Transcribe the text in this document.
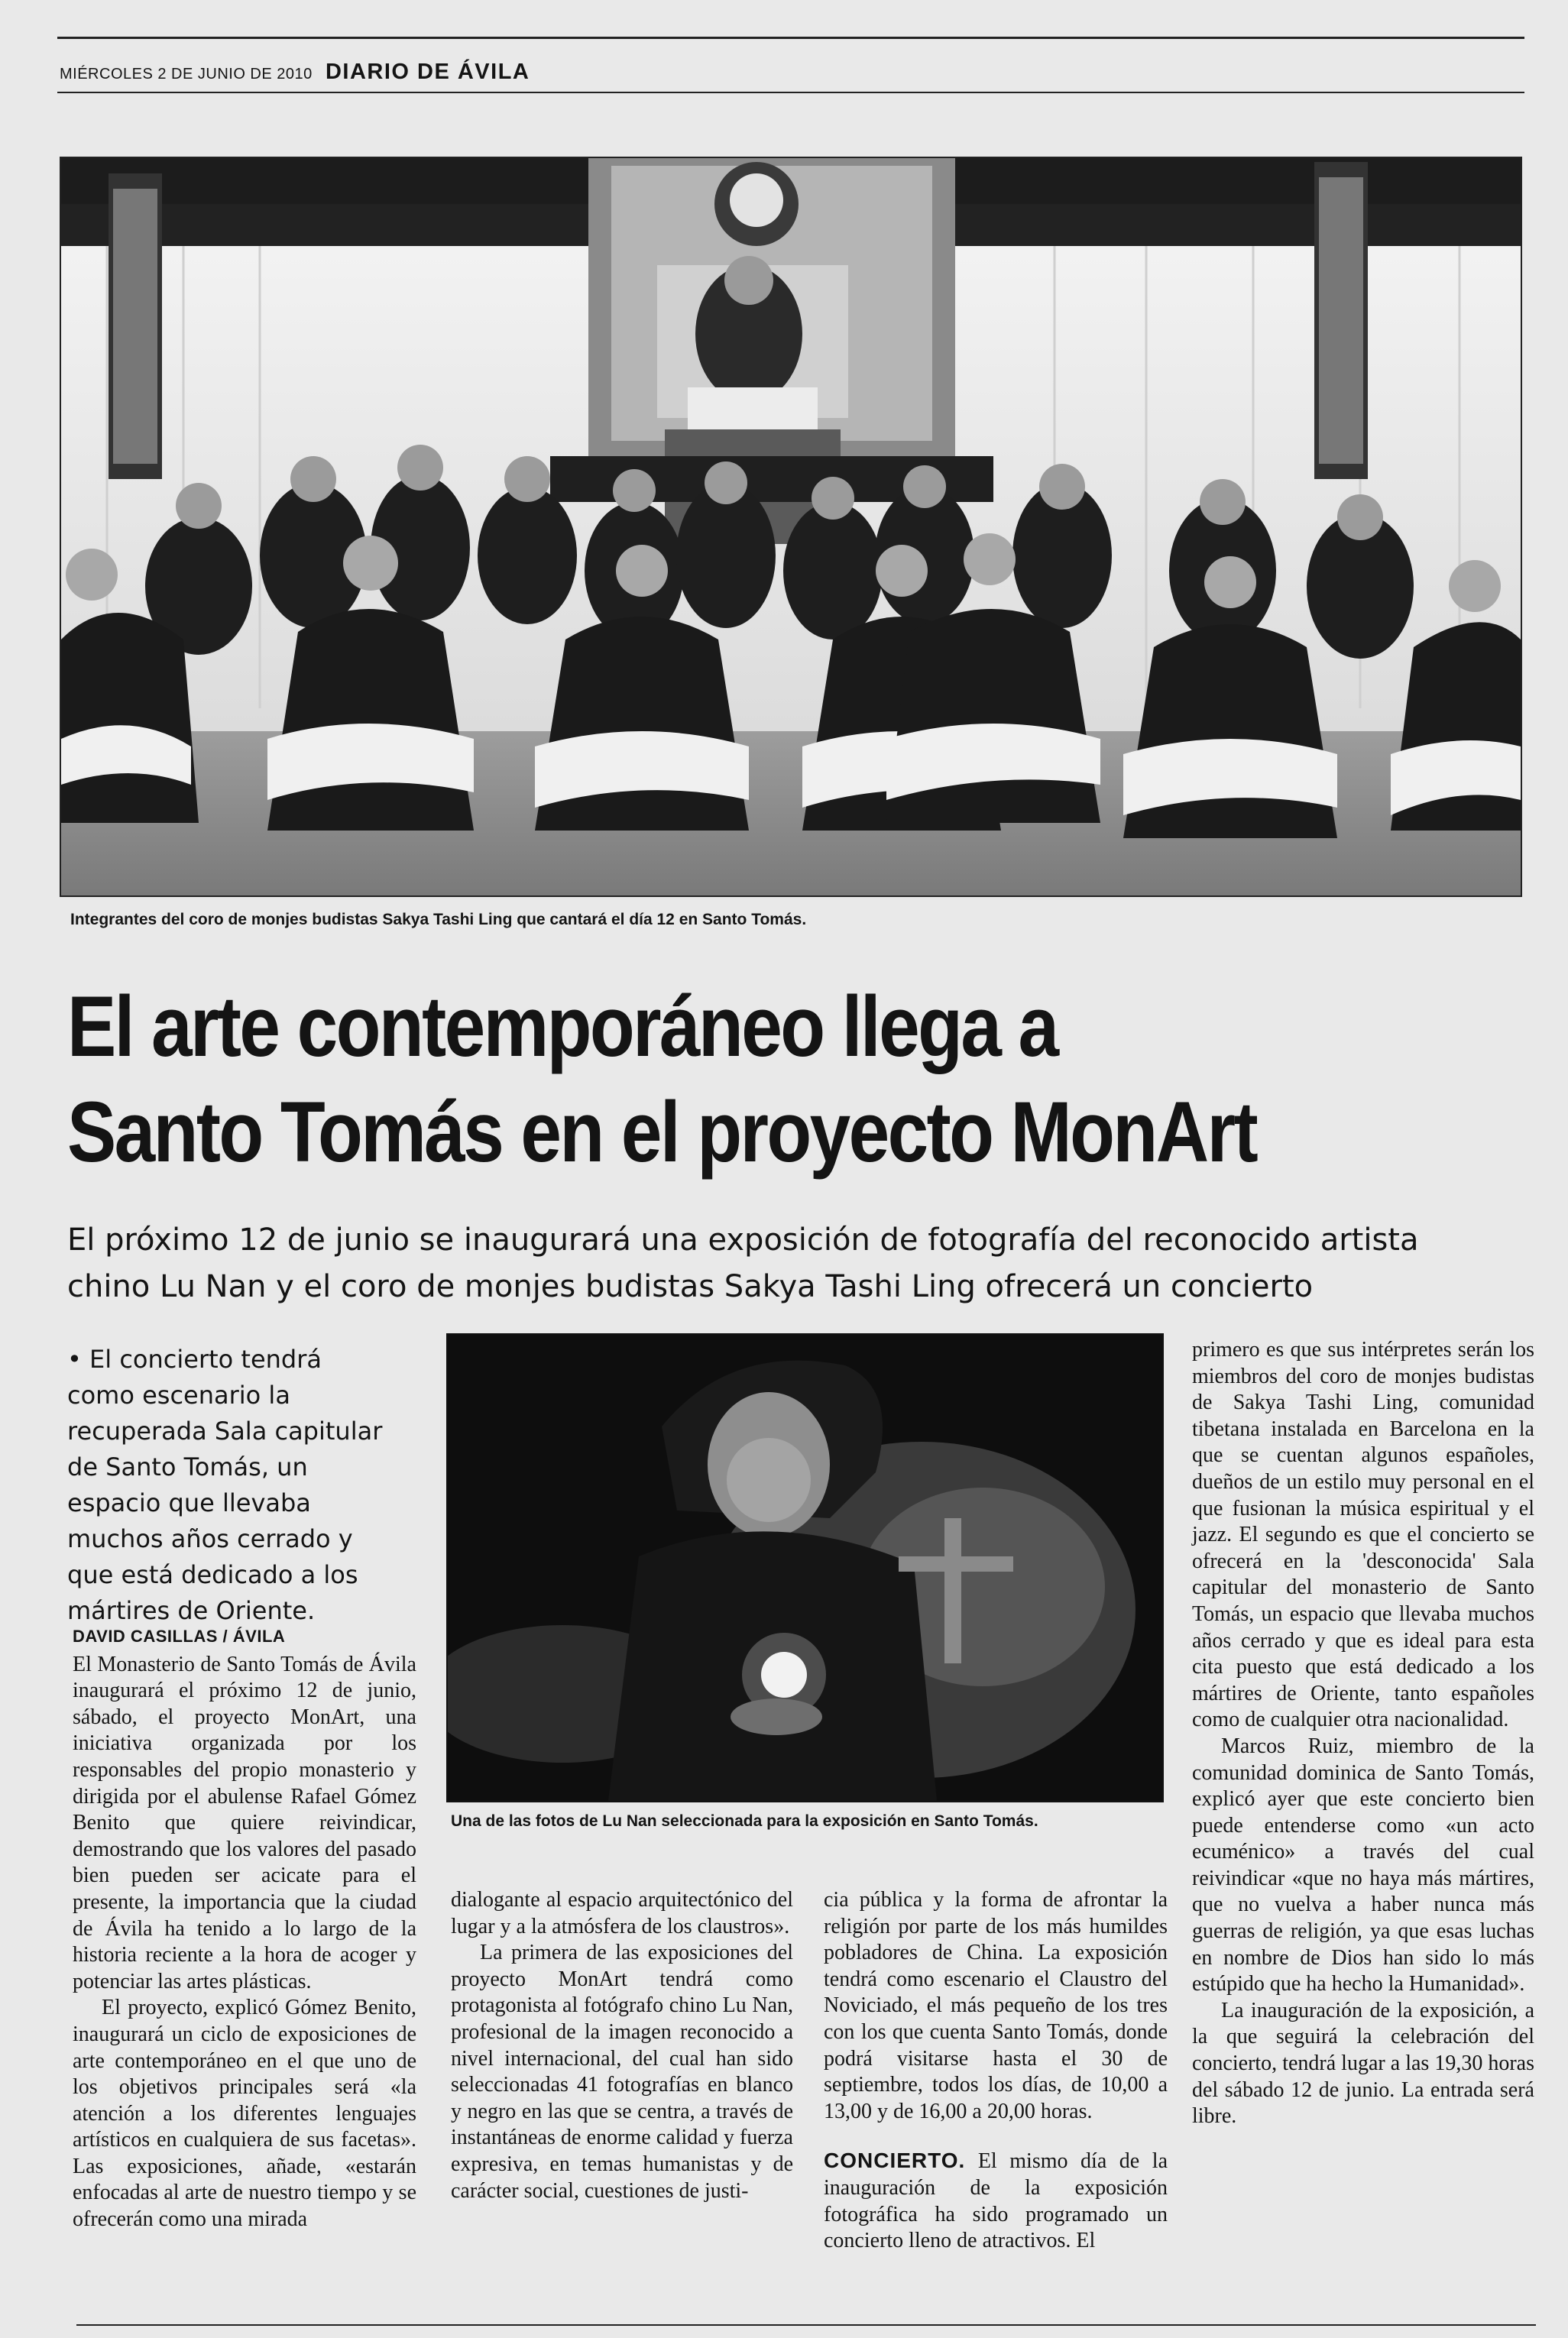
MIÉRCOLES 2 DE JUNIO DE 2010 DIARIO DE ÁVILA
Integrantes del coro de monjes budistas Sakya Tashi Ling que cantará el día 12 en Santo Tomás.
El arte contemporáneo llega a
Santo Tomás en el proyecto MonArt
El próximo 12 de junio se inaugurará una exposición de fotografía del reconocido artista
chino Lu Nan y el coro de monjes budistas Sakya Tashi Ling ofrecerá un concierto
• El concierto tendrá como escenario la recuperada Sala capitular de Santo Tomás, un espacio que llevaba muchos años cerrado y que está dedicado a los mártires de Oriente.
Una de las fotos de Lu Nan seleccionada para la exposición en Santo Tomás.

DAVID CASILLAS / ÁVILA

El Monasterio de Santo Tomás de Ávila inaugurará el próximo 12 de junio, sábado, el proyecto MonArt, una iniciativa organizada por los responsables del propio monasterio y dirigida por el abulense Rafael Gómez Benito que quiere reivindicar, demostrando que los valores del pasado bien pueden ser acicate para el presente, la importancia que la ciudad de Ávila ha tenido a lo largo de la historia reciente a la hora de acoger y potenciar las artes plásticas.

El proyecto, explicó Gómez Benito, inaugurará un ciclo de exposiciones de arte contemporáneo en el que uno de los objetivos principales será «la atención a los diferentes lenguajes artísticos en cualquiera de sus facetas». Las exposiciones, añade, «estarán enfocadas al arte de nuestro tiempo y se ofrecerán como una mirada

dialogante al espacio arquitectónico del lugar y a la atmósfera de los claustros».

La primera de las exposiciones del proyecto MonArt tendrá como protagonista al fotógrafo chino Lu Nan, profesional de la imagen reconocido a nivel internacional, del cual han sido seleccionadas 41 fotografías en blanco y negro en las que se centra, a través de instantáneas de enorme calidad y fuerza expresiva, en temas humanistas y de carácter social, cuestiones de justi-

cia pública y la forma de afrontar la religión por parte de los más humildes pobladores de China. La exposición tendrá como escenario el Claustro del Noviciado, el más pequeño de los tres con los que cuenta Santo Tomás, donde podrá visitarse hasta el 30 de septiembre, todos los días, de 10,00 a 13,00 y de 16,00 a 20,00 horas.

CONCIERTO. El mismo día de la inauguración de la exposición fotográfica ha sido programado un concierto lleno de atractivos. El

primero es que sus intérpretes serán los miembros del coro de monjes budistas de Sakya Tashi Ling, comunidad tibetana instalada en Barcelona en la que se cuentan algunos españoles, dueños de un estilo muy personal en el que fusionan la música espiritual y el jazz. El segundo es que el concierto se ofrecerá en la 'desconocida' Sala capitular del monasterio de Santo Tomás, un espacio que llevaba muchos años cerrado y que es ideal para esta cita puesto que está dedicado a los mártires de Oriente, tanto españoles como de cualquier otra nacionalidad.

Marcos Ruiz, miembro de la comunidad dominica de Santo Tomás, explicó ayer que este concierto bien puede entenderse como «un acto ecuménico» a través del cual reivindicar «que no haya más mártires, que no vuelva a haber nunca más guerras de religión, ya que esas luchas en nombre de Dios han sido lo más estúpido que ha hecho la Humanidad».

La inauguración de la exposición, a la que seguirá la celebración del concierto, tendrá lugar a las 19,30 horas del sábado 12 de junio. La entrada será libre.
